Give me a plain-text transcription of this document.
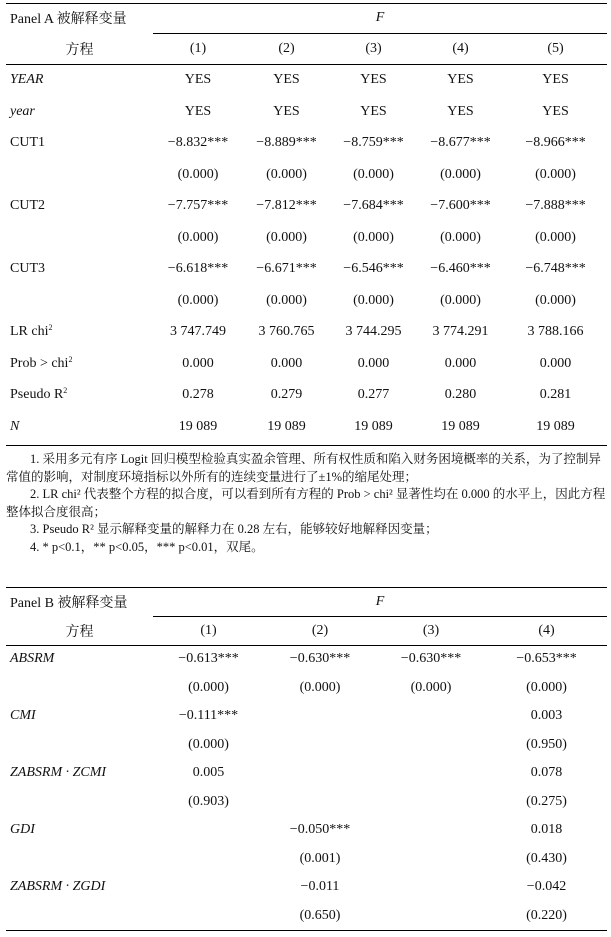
Panel A 被解释变量	F				
方程	(1)	(2)	(3)	(4)	(5)
YEAR	YES	YES	YES	YES	YES
year	YES	YES	YES	YES	YES
CUT1	−8.832***	−8.889***	−8.759***	−8.677***	−8.966***
	(0.000)	(0.000)	(0.000)	(0.000)	(0.000)
CUT2	−7.757***	−7.812***	−7.684***	−7.600***	−7.888***
	(0.000)	(0.000)	(0.000)	(0.000)	(0.000)
CUT3	−6.618***	−6.671***	−6.546***	−6.460***	−6.748***
	(0.000)	(0.000)	(0.000)	(0.000)	(0.000)
LR chi$^2$	3 747.749	3 760.765	3 744.295	3 774.291	3 788.166
Prob > chi$^2$	0.000	0.000	0.000	0.000	0.000
Pseudo $R^2$	0.278	0.279	0.277	0.280	0.281
N	19 089	19 089	19 089	19 089	19 089

1. 采用多元有序 Logit 回归模型检验真实盈余管理、所有权性质和陷入财务困境概率的关系，为了控制异常值的影响，对制度环境指标以外所有的连续变量进行了±1%的缩尾处理；

2. LR chi² 代表整个方程的拟合度，可以看到所有方程的 Prob > chi² 显著性均在 0.000 的水平上，因此方程整体拟合度很高；

3. Pseudo R² 显示解释变量的解释力在 0.28 左右，能够较好地解释因变量；

4. * p<0.1，** p<0.05，*** p<0.01，双尾。

Panel B 被解释变量	F			
方程	(1)	(2)	(3)	(4)
ABSRM	−0.613***	−0.630***	−0.630***	−0.653***
	(0.000)	(0.000)	(0.000)	(0.000)
CMI	−0.111***			0.003
	(0.000)			(0.950)
ZABSRM · ZCMI	0.005			0.078
	(0.903)			(0.275)
GDI		−0.050***		0.018
		(0.001)		(0.430)
ZABSRM · ZGDI		−0.011		−0.042
		(0.650)		(0.220)
